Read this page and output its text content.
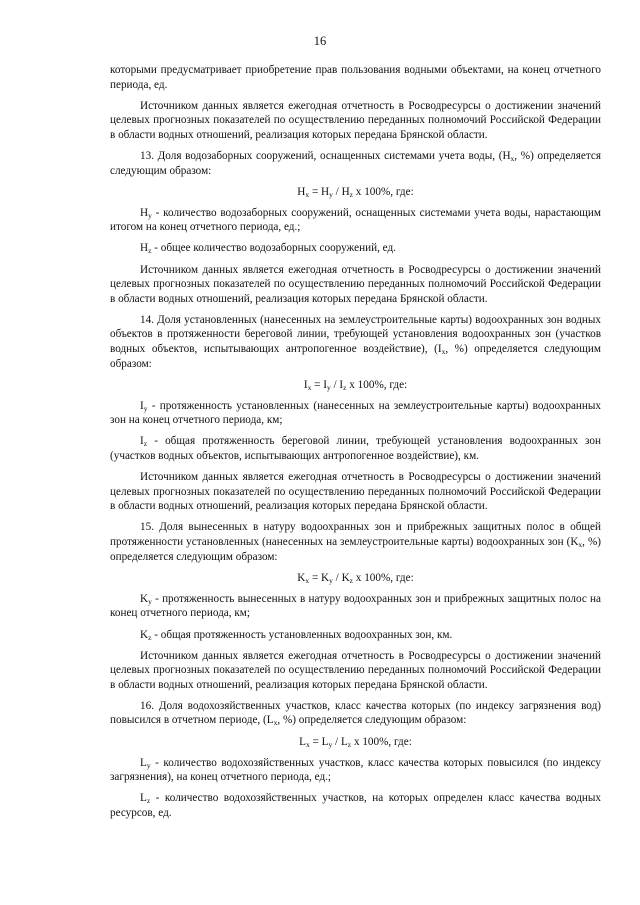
16

которыми предусматривает приобретение прав пользования водными объектами, на конец отчетного периода, ед.

Источником данных является ежегодная отчетность в Росводресурсы о достижении значений целевых прогнозных показателей по осуществлению переданных полномочий Российской Федерации в области водных отношений, реализация которых передана Брянской области.

13. Доля водозаборных сооружений, оснащенных системами учета воды, ($H_х$, %) определяется следующим образом:

$H_х = H_у / H_z$ х 100%, где:

$H_у$ - количество водозаборных сооружений, оснащенных системами учета воды, нарастающим итогом на конец отчетного периода, ед.;

$H_z$ - общее количество водозаборных сооружений, ед.

Источником данных является ежегодная отчетность в Росводресурсы о достижении значений целевых прогнозных показателей по осуществлению переданных полномочий Российской Федерации в области водных отношений, реализация которых передана Брянской области.

14. Доля установленных (нанесенных на землеустроительные карты) водоохранных зон водных объектов в протяженности береговой линии, требующей установления водоохранных зон (участков водных объектов, испытывающих антропогенное воздействие), ($I_х$, %) определяется следующим образом:

$I_х = I_у / I_z$ х 100%, где:

$I_у$ - протяженность установленных (нанесенных на землеустроительные карты) водоохранных зон на конец отчетного периода, км;

$I_z$ - общая протяженность береговой линии, требующей установления водоохранных зон (участков водных объектов, испытывающих антропогенное воздействие), км.

Источником данных является ежегодная отчетность в Росводресурсы о достижении значений целевых прогнозных показателей по осуществлению переданных полномочий Российской Федерации в области водных отношений, реализация которых передана Брянской области.

15. Доля вынесенных в натуру водоохранных зон и прибрежных защитных полос в общей протяженности установленных (нанесенных на землеустроительные карты) водоохранных зон ($K_х$, %) определяется следующим образом:

$K_х = K_у / K_z$ х 100%, где:

$K_у$ - протяженность вынесенных в натуру водоохранных зон и прибрежных защитных полос на конец отчетного периода, км;

$K_z$ - общая протяженность установленных водоохранных зон, км.

Источником данных является ежегодная отчетность в Росводресурсы о достижении значений целевых прогнозных показателей по осуществлению переданных полномочий Российской Федерации в области водных отношений, реализация которых передана Брянской области.

16. Доля водохозяйственных участков, класс качества которых (по индексу загрязнения вод) повысился в отчетном периоде, ($L_х$, %) определяется следующим образом:

$L_х = L_у / L_z$ х 100%, где:

$L_у$ - количество водохозяйственных участков, класс качества которых повысился (по индексу загрязнения), на конец отчетного периода, ед.;

$L_z$ - количество водохозяйственных участков, на которых определен класс качества водных ресурсов, ед.
